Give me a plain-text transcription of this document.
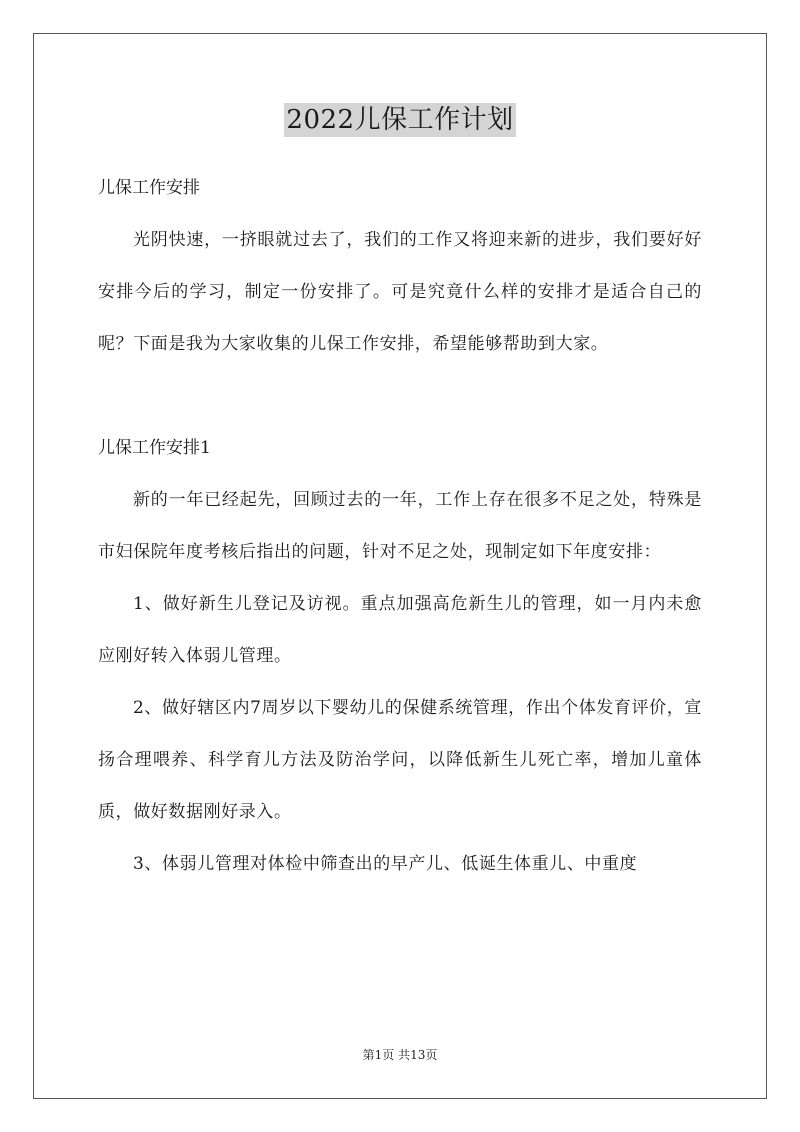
2022儿保工作计划

儿保工作安排

光阴快速，一挤眼就过去了，我们的工作又将迎来新的进步，我们要好好安排今后的学习，制定一份安排了。可是究竟什么样的安排才是适合自己的呢？下面是我为大家收集的儿保工作安排，希望能够帮助到大家。

儿保工作安排1

新的一年已经起先，回顾过去的一年，工作上存在很多不足之处，特殊是市妇保院年度考核后指出的问题，针对不足之处，现制定如下年度安排：

1、做好新生儿登记及访视。重点加强高危新生儿的管理，如一月内未愈应刚好转入体弱儿管理。

2、做好辖区内7周岁以下婴幼儿的保健系统管理，作出个体发育评价，宣扬合理喂养、科学育儿方法及防治学问，以降低新生儿死亡率，增加儿童体质，做好数据刚好录入。

3、体弱儿管理对体检中筛查出的早产儿、低诞生体重儿、中重度

第1页 共13页
